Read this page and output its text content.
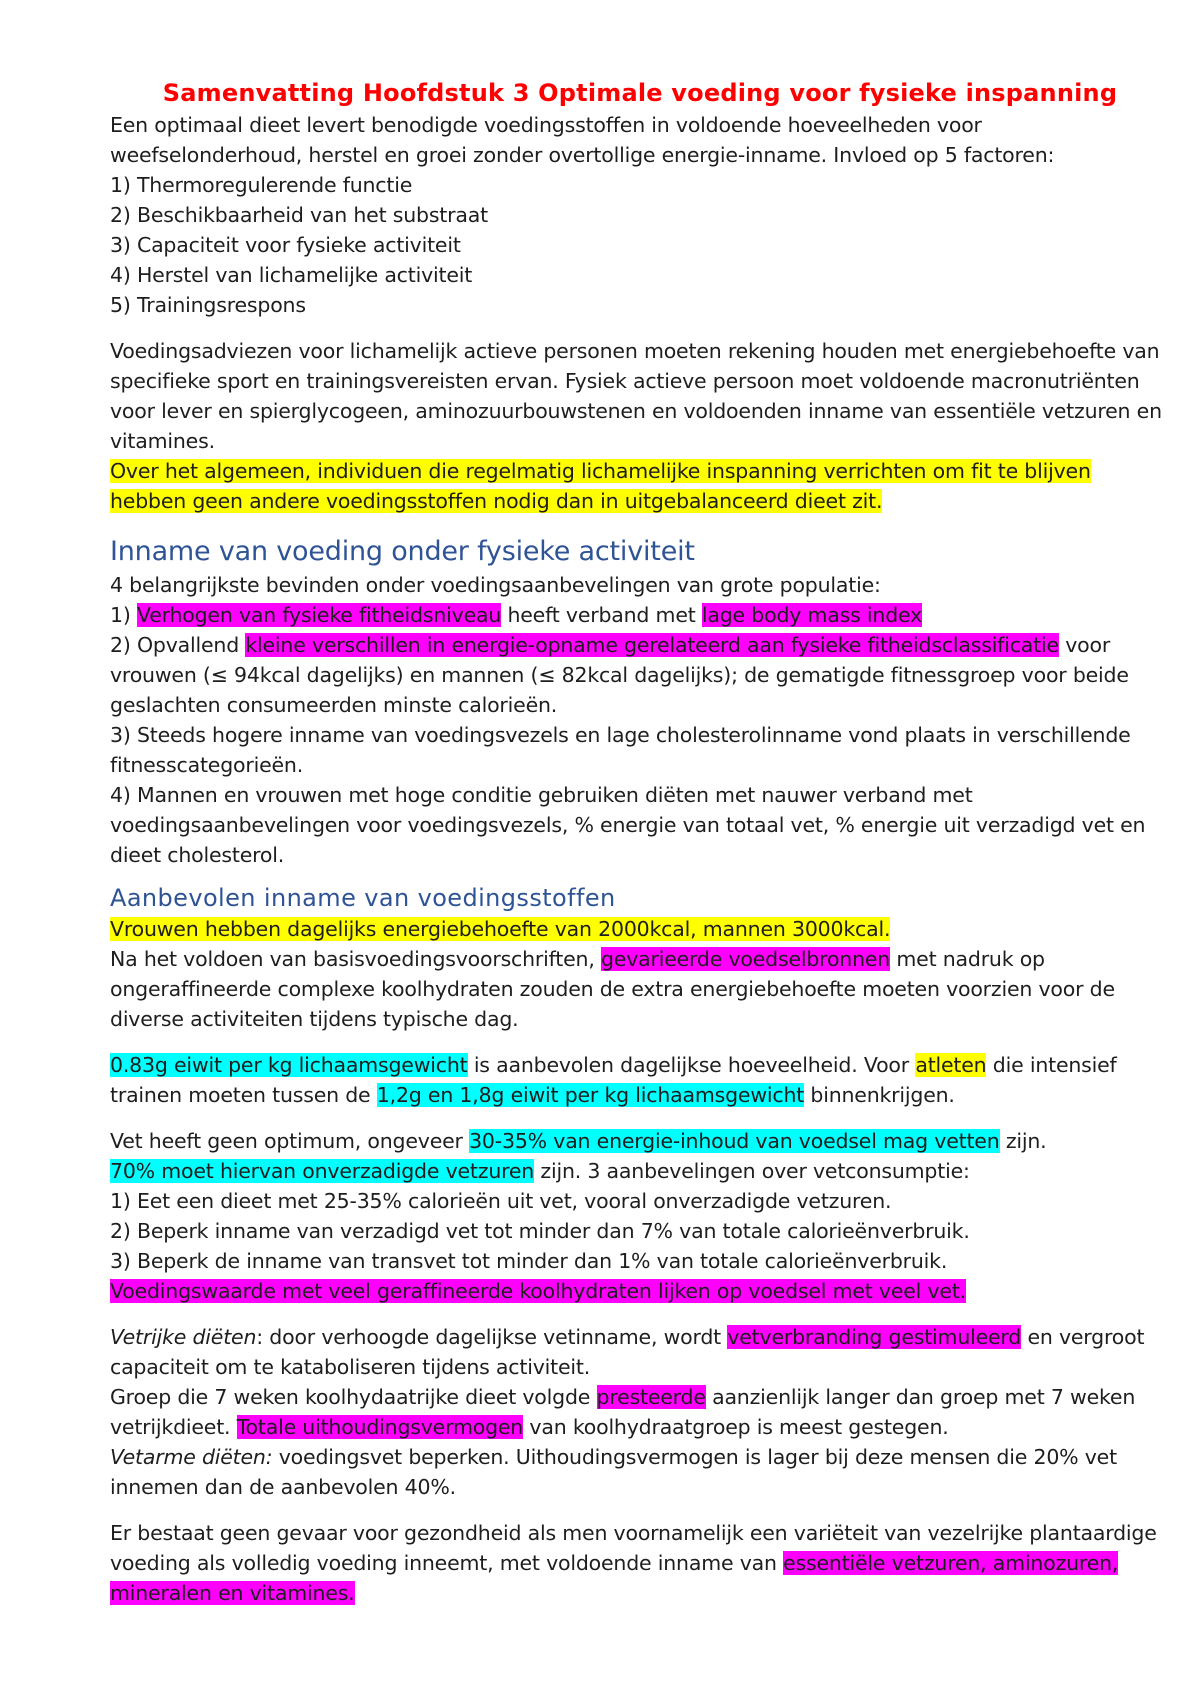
Samenvatting Hoofdstuk 3 Optimale voeding voor fysieke inspanning

Een optimaal dieet levert benodigde voedingsstoffen in voldoende hoeveelheden voor weefselonderhoud, herstel en groei zonder overtollige energie-inname. Invloed op 5 factoren:

1) Thermoregulerende functie

2) Beschikbaarheid van het substraat

3) Capaciteit voor fysieke activiteit

4) Herstel van lichamelijke activiteit

5) Trainingsrespons

Voedingsadviezen voor lichamelijk actieve personen moeten rekening houden met energiebehoefte van specifieke sport en trainingsvereisten ervan. Fysiek actieve persoon moet voldoende macronutriënten voor lever en spierglycogeen, aminozuurbouwstenen en voldoenden inname van essentiële vetzuren en vitamines.

Over het algemeen, individuen die regelmatig lichamelijke inspanning verrichten om fit te blijven hebben geen andere voedingsstoffen nodig dan in uitgebalanceerd dieet zit.

Inname van voeding onder fysieke activiteit

4 belangrijkste bevinden onder voedingsaanbevelingen van grote populatie:

1) Verhogen van fysieke fitheidsniveau heeft verband met lage body mass index

2) Opvallend kleine verschillen in energie-opname gerelateerd aan fysieke fitheidsclassificatie voor vrouwen (≤ 94kcal dagelijks) en mannen (≤ 82kcal dagelijks); de gematigde fitnessgroep voor beide geslachten consumeerden minste calorieën.

3) Steeds hogere inname van voedingsvezels en lage cholesterolinname vond plaats in verschillende fitnesscategorieën.

4) Mannen en vrouwen met hoge conditie gebruiken diëten met nauwer verband met voedingsaanbevelingen voor voedingsvezels, % energie van totaal vet, % energie uit verzadigd vet en dieet cholesterol.

Aanbevolen inname van voedingsstoffen

Vrouwen hebben dagelijks energiebehoefte van 2000kcal, mannen 3000kcal.

Na het voldoen van basisvoedingsvoorschriften, gevarieerde voedselbronnen met nadruk op ongeraffineerde complexe koolhydraten zouden de extra energiebehoefte moeten voorzien voor de diverse activiteiten tijdens typische dag.

0.83g eiwit per kg lichaamsgewicht is aanbevolen dagelijkse hoeveelheid. Voor atleten die intensief trainen moeten tussen de 1,2g en 1,8g eiwit per kg lichaamsgewicht binnenkrijgen.

Vet heeft geen optimum, ongeveer 30-35% van energie-inhoud van voedsel mag vetten zijn.

70% moet hiervan onverzadigde vetzuren zijn. 3 aanbevelingen over vetconsumptie:

1) Eet een dieet met 25-35% calorieën uit vet, vooral onverzadigde vetzuren.

2) Beperk inname van verzadigd vet tot minder dan 7% van totale calorieënverbruik.

3) Beperk de inname van transvet tot minder dan 1% van totale calorieënverbruik.

Voedingswaarde met veel geraffineerde koolhydraten lijken op voedsel met veel vet.

Vetrijke diëten: door verhoogde dagelijkse vetinname, wordt vetverbranding gestimuleerd en vergroot capaciteit om te kataboliseren tijdens activiteit.

Groep die 7 weken koolhydaatrijke dieet volgde presteerde aanzienlijk langer dan groep met 7 weken vetrijkdieet. Totale uithoudingsvermogen van koolhydraatgroep is meest gestegen.

Vetarme diëten: voedingsvet beperken. Uithoudingsvermogen is lager bij deze mensen die 20% vet innemen dan de aanbevolen 40%.

Er bestaat geen gevaar voor gezondheid als men voornamelijk een variëteit van vezelrijke plantaardige voeding als volledig voeding inneemt, met voldoende inname van essentiële vetzuren, aminozuren, mineralen en vitamines.
